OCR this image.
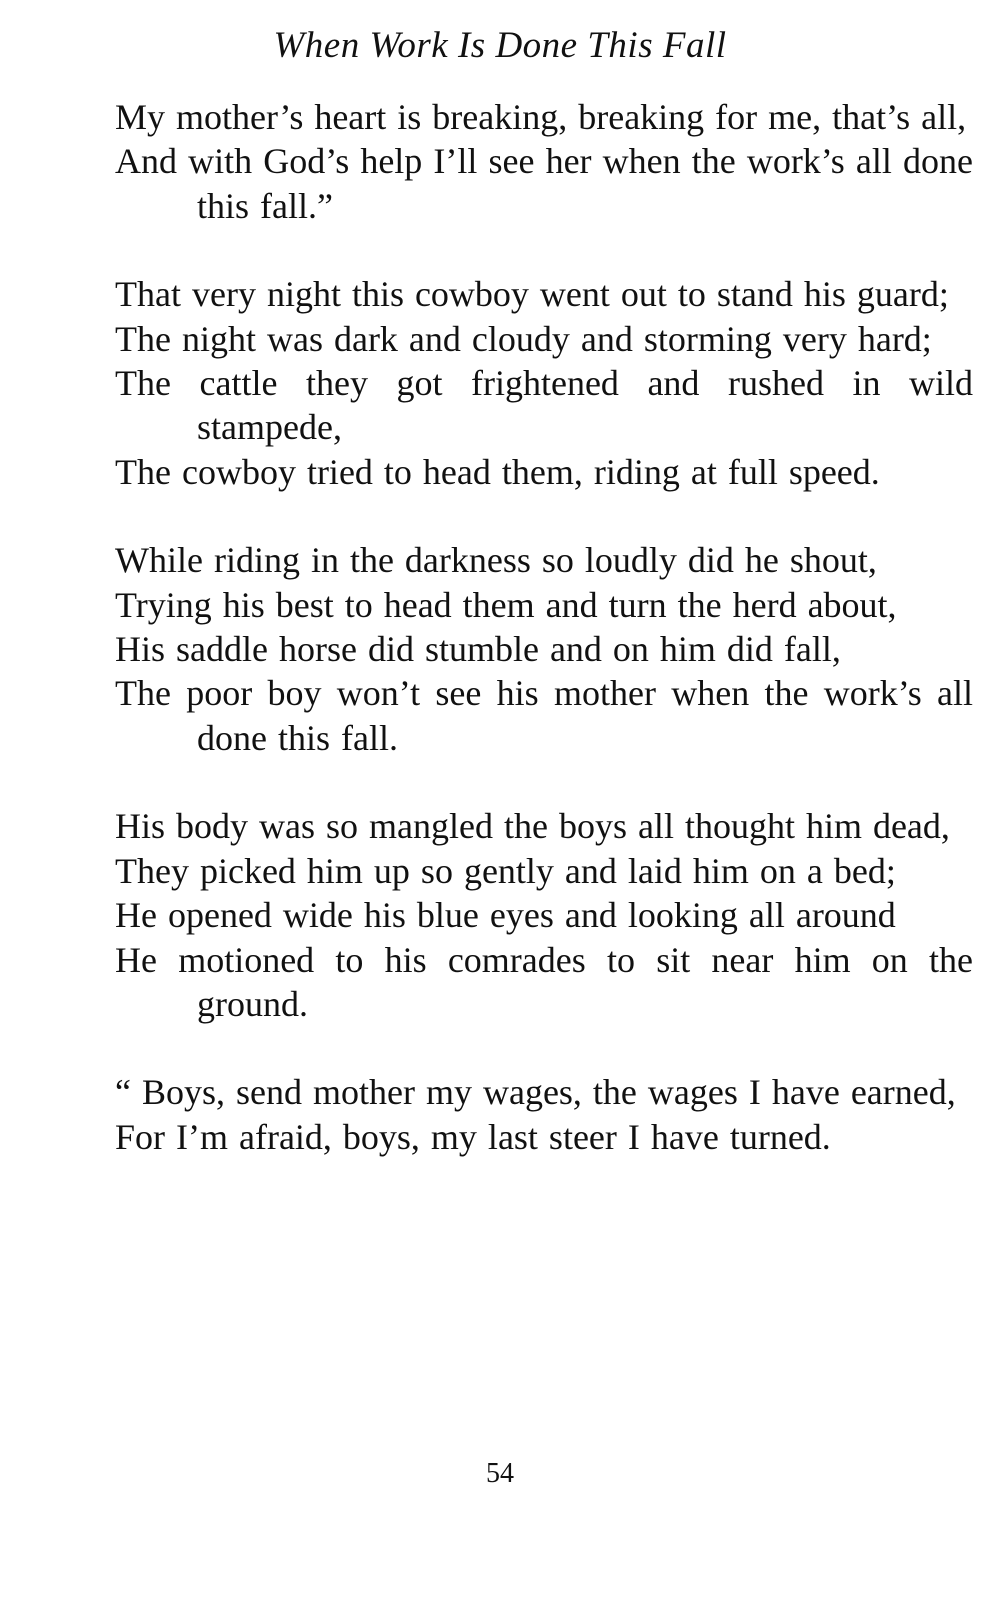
When Work Is Done This Fall
My mother’s heart is breaking, breaking for me, that’s all,
And with God’s help I’ll see her when the work’s all done this fall.”
That very night this cowboy went out to stand his guard;
The night was dark and cloudy and storming very hard;
The cattle they got frightened and rushed in wild stampede,
The cowboy tried to head them, riding at full speed.
While riding in the darkness so loudly did he shout,
Trying his best to head them and turn the herd about,
His saddle horse did stumble and on him did fall,
The poor boy won’t see his mother when the work’s all done this fall.
His body was so mangled the boys all thought him dead,
They picked him up so gently and laid him on a bed;
He opened wide his blue eyes and looking all around
He motioned to his comrades to sit near him on the ground.
“ Boys, send mother my wages, the wages I have earned,
For I’m afraid, boys, my last steer I have turned.
54
